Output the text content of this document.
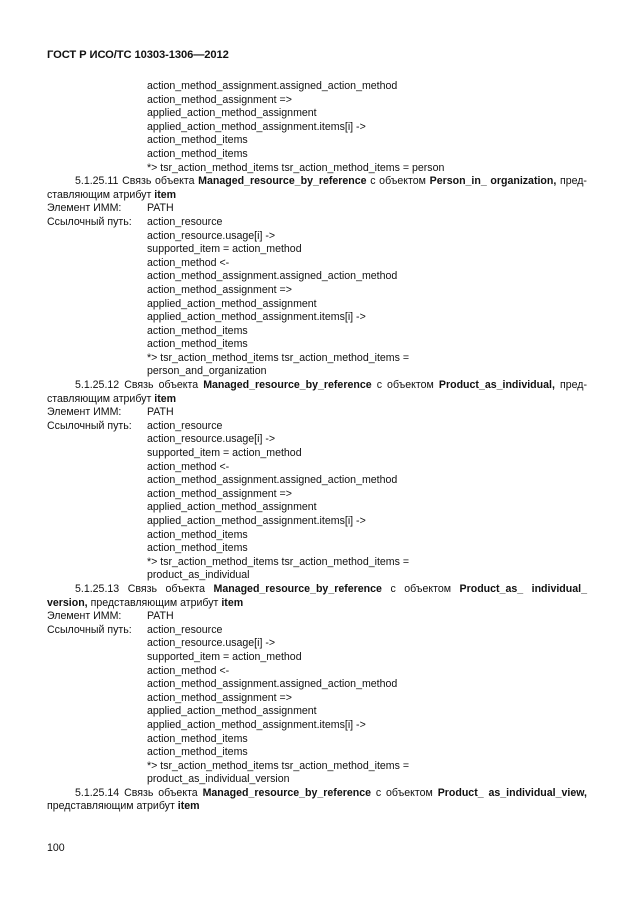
ГОСТ Р ИСО/ТС 10303-1306—2012
action_method_assignment.assigned_action_method
action_method_assignment =>
applied_action_method_assignment
applied_action_method_assignment.items[i] ->
action_method_items
action_method_items
*> tsr_action_method_items tsr_action_method_items = person
5.1.25.11 Связь объекта Managed_resource_by_reference с объектом Person_in_ organization, пред-ставляющим атрибут item
Элемент ИММ:	PATH
Ссылочный путь:	action_resource
action_resource.usage[i] ->
supported_item = action_method
action_method <-
action_method_assignment.assigned_action_method
action_method_assignment =>
applied_action_method_assignment
applied_action_method_assignment.items[i] ->
action_method_items
action_method_items
*> tsr_action_method_items tsr_action_method_items =
person_and_organization
5.1.25.12 Связь объекта Managed_resource_by_reference с объектом Product_as_individual, пред-ставляющим атрибут item
Элемент ИММ:	PATH
Ссылочный путь:	action_resource
action_resource.usage[i] ->
supported_item = action_method
action_method <-
action_method_assignment.assigned_action_method
action_method_assignment =>
applied_action_method_assignment
applied_action_method_assignment.items[i] ->
action_method_items
action_method_items
*> tsr_action_method_items tsr_action_method_items =
product_as_individual
5.1.25.13 Связь объекта Managed_resource_by_reference с объектом Product_as_ individual_ version, представляющим атрибут item
Элемент ИММ:	PATH
Ссылочный путь:	action_resource
action_resource.usage[i] ->
supported_item = action_method
action_method <-
action_method_assignment.assigned_action_method
action_method_assignment =>
applied_action_method_assignment
applied_action_method_assignment.items[i] ->
action_method_items
action_method_items
*> tsr_action_method_items tsr_action_method_items =
product_as_individual_version
5.1.25.14 Связь объекта Managed_resource_by_reference с объектом Product_ as_individual_view, представляющим атрибут item
100
